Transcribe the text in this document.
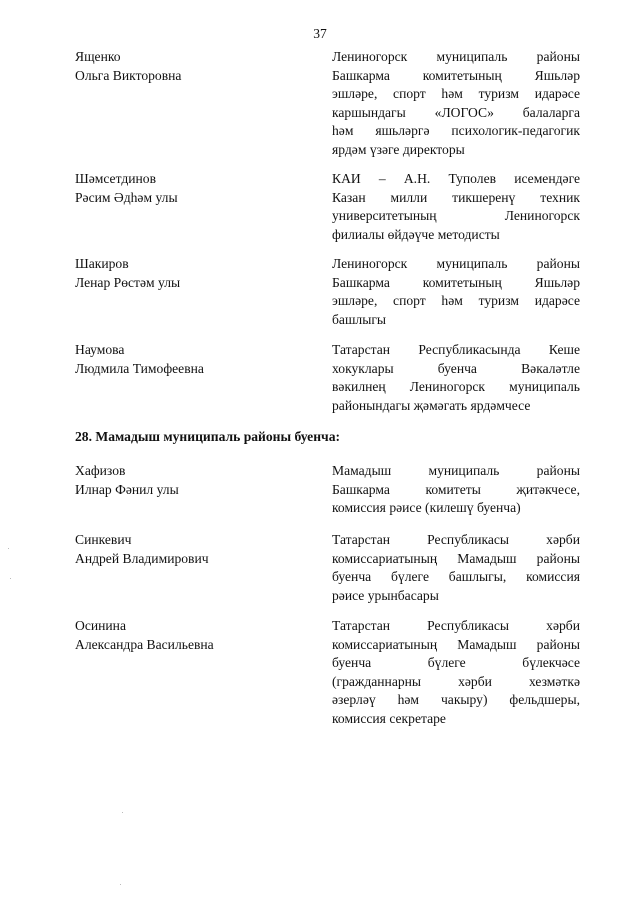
37
Ященко
Ольга Викторовна
Лениногорск муниципаль районы
Башкарма комитетының Яшьләр
эшләре, спорт һәм туризм идарәсе
каршындагы «ЛОГОС» балаларга
һәм яшьләргә психологик-педагогик
ярдәм үзәге директоры
Шәмсетдинов
Рәсим Әдһәм улы
КАИ – А.Н. Туполев исемендәге
Казан милли тикшеренү техник
университетының Лениногорск
филиалы өйдәүче методисты
Шакиров
Ленар Рөстәм улы
Лениногорск муниципаль районы
Башкарма комитетының Яшьләр
эшләре, спорт һәм туризм идарәсе
башлыгы
Наумова
Людмила Тимофеевна
Татарстан Республикасында Кеше
хокуклары буенча Вәкаләтле
вәкилнең Лениногорск муниципаль
районындагы җәмәгать ярдәмчесе
28. Мамадыш муниципаль районы буенча:
Хафизов
Илнар Фәнил улы
Мамадыш муниципаль районы
Башкарма комитеты җитәкчесе,
комиссия рәисе (килешү буенча)
Синкевич
Андрей Владимирович
Татарстан Республикасы хәрби
комиссариатының Мамадыш районы
буенча бүлеге башлыгы, комиссия
рәисе урынбасары
Осинина
Александра Васильевна
Татарстан Республикасы хәрби
комиссариатының Мамадыш районы
буенча бүлеге бүлекчәсе
(гражданнарны хәрби хезмәткә
әзерләү һәм чакыру) фельдшеры,
комиссия секретаре
